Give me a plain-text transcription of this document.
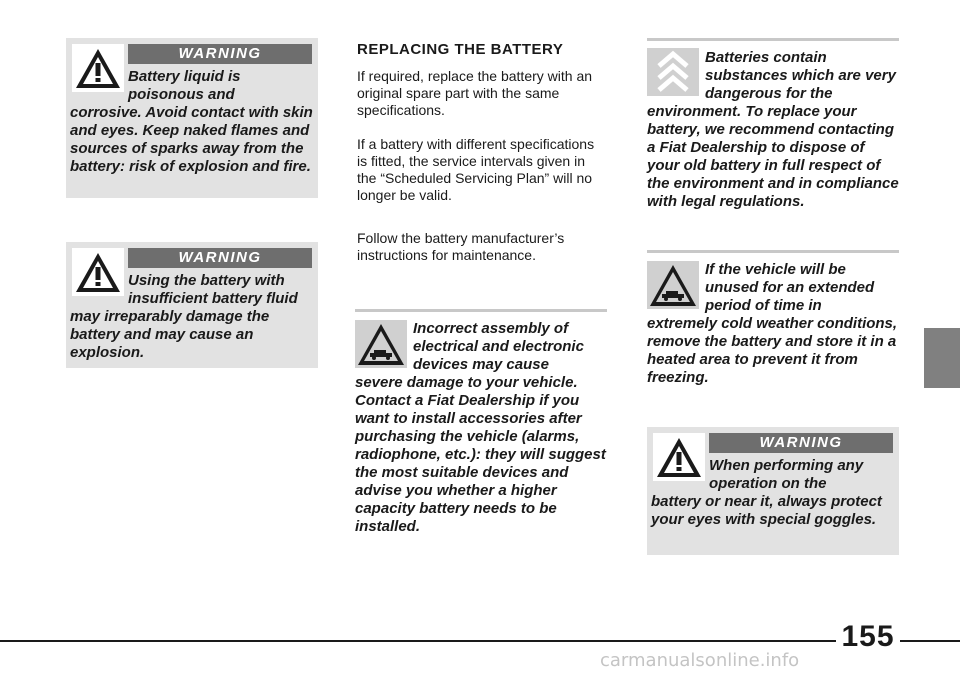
WARNING

Battery liquid is poisonous and
corrosive. Avoid contact with skin and eyes. Keep naked flames and sources of sparks away from the battery: risk of explosion and fire.

WARNING

Using the battery with insufficient battery fluid
may irreparably damage the battery and may cause an explosion.

REPLACING THE BATTERY

If required, replace the battery with an original spare part with the same specifications.

If a battery with different specifications is fitted, the service intervals given in the “Scheduled Servicing Plan” will no longer be valid.

Follow the battery manufacturer’s instructions for maintenance.

Incorrect assembly of electrical and electronic devices may cause
severe damage to your vehicle. Contact a Fiat Dealership if you want to install accessories after purchasing the vehicle (alarms, radiophone, etc.): they will suggest the most suitable devices and advise you whether a higher capacity battery needs to be installed.

Batteries contain substances which are very dangerous for the
environment. To replace your battery, we recommend contacting a Fiat Dealership to dispose of your old battery in full respect of the environment and in compliance with legal regulations.

If the vehicle will be unused for an extended period of time in
extremely cold weather conditions, remove the battery and store it in a heated area to prevent it from freezing.

WARNING

When performing any operation on the
battery or near it, always protect your eyes with special goggles.

155
carmanualsonline.info
